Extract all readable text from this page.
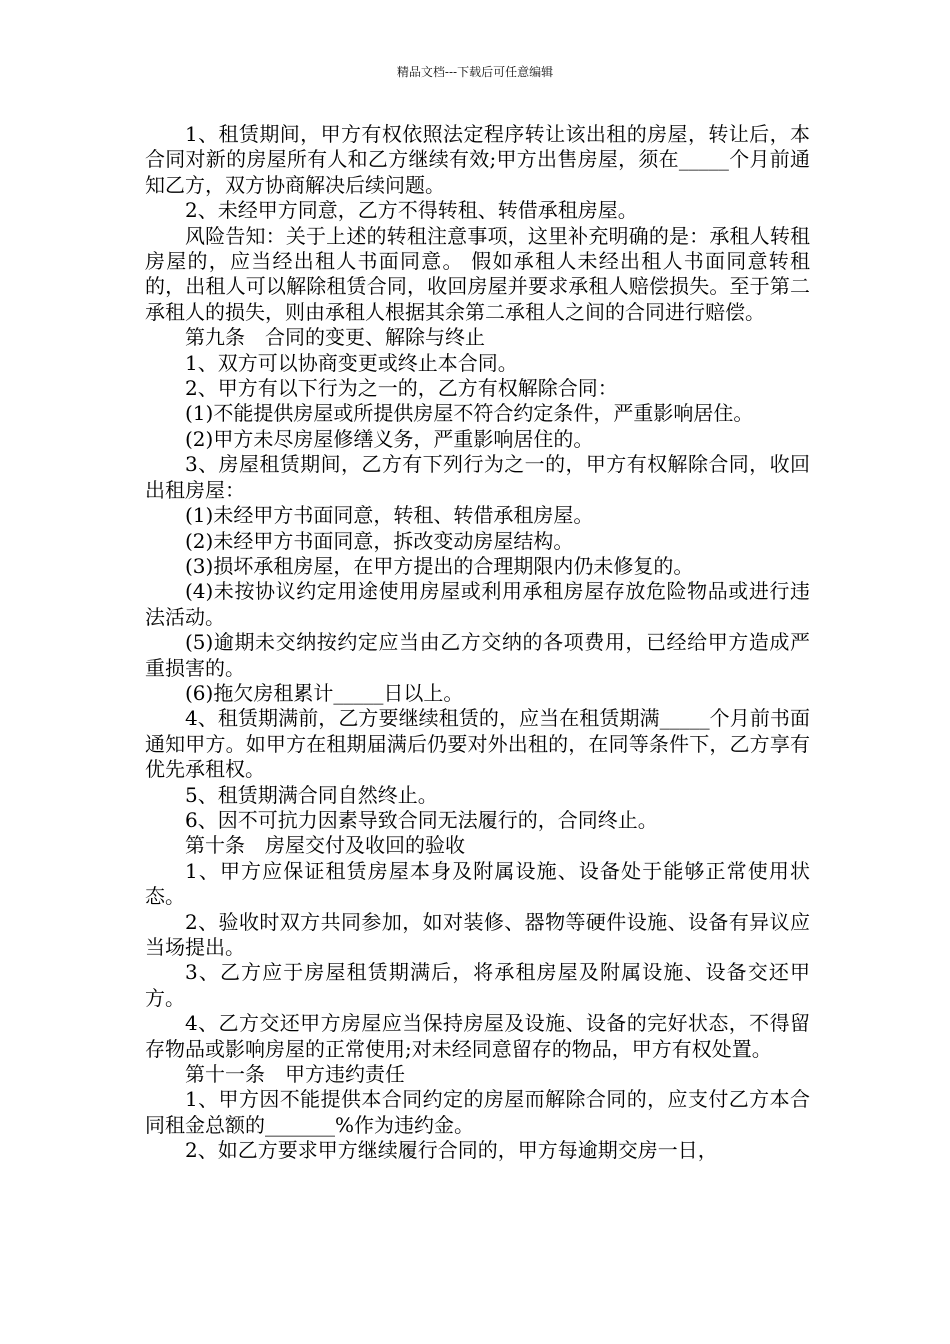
精品文档---下载后可任意编辑

1、租赁期间，甲方有权依照法定程序转让该出租的房屋，转让后，本合同对新的房屋所有人和乙方继续有效;甲方出售房屋，须在_____个月前通知乙方，双方协商解决后续问题。

2、未经甲方同意，乙方不得转租、转借承租房屋。

风险告知：关于上述的转租注意事项，这里补充明确的是：承租人转租房屋的，应当经出租人书面同意。 假如承租人未经出租人书面同意转租的，出租人可以解除租赁合同，收回房屋并要求承租人赔偿损失。至于第二承租人的损失，则由承租人根据其余第二承租人之间的合同进行赔偿。

第九条　合同的变更、解除与终止

1、双方可以协商变更或终止本合同。

2、甲方有以下行为之一的，乙方有权解除合同：

(1)不能提供房屋或所提供房屋不符合约定条件，严重影响居住。

(2)甲方未尽房屋修缮义务，严重影响居住的。

3、房屋租赁期间，乙方有下列行为之一的，甲方有权解除合同，收回出租房屋：

(1)未经甲方书面同意，转租、转借承租房屋。

(2)未经甲方书面同意，拆改变动房屋结构。

(3)损坏承租房屋，在甲方提出的合理期限内仍未修复的。

(4)未按协议约定用途使用房屋或利用承租房屋存放危险物品或进行违法活动。

(5)逾期未交纳按约定应当由乙方交纳的各项费用，已经给甲方造成严重损害的。

(6)拖欠房租累计_____日以上。

4、租赁期满前，乙方要继续租赁的，应当在租赁期满_____个月前书面通知甲方。如甲方在租期届满后仍要对外出租的，在同等条件下，乙方享有优先承租权。

5、租赁期满合同自然终止。

6、因不可抗力因素导致合同无法履行的，合同终止。

第十条　房屋交付及收回的验收

1、甲方应保证租赁房屋本身及附属设施、设备处于能够正常使用状态。

2、验收时双方共同参加，如对装修、器物等硬件设施、设备有异议应当场提出。

3、乙方应于房屋租赁期满后，将承租房屋及附属设施、设备交还甲方。

4、乙方交还甲方房屋应当保持房屋及设施、设备的完好状态，不得留存物品或影响房屋的正常使用;对未经同意留存的物品，甲方有权处置。

第十一条　甲方违约责任

1、甲方因不能提供本合同约定的房屋而解除合同的，应支付乙方本合同租金总额的_______%作为违约金。

2、如乙方要求甲方继续履行合同的，甲方每逾期交房一日，
